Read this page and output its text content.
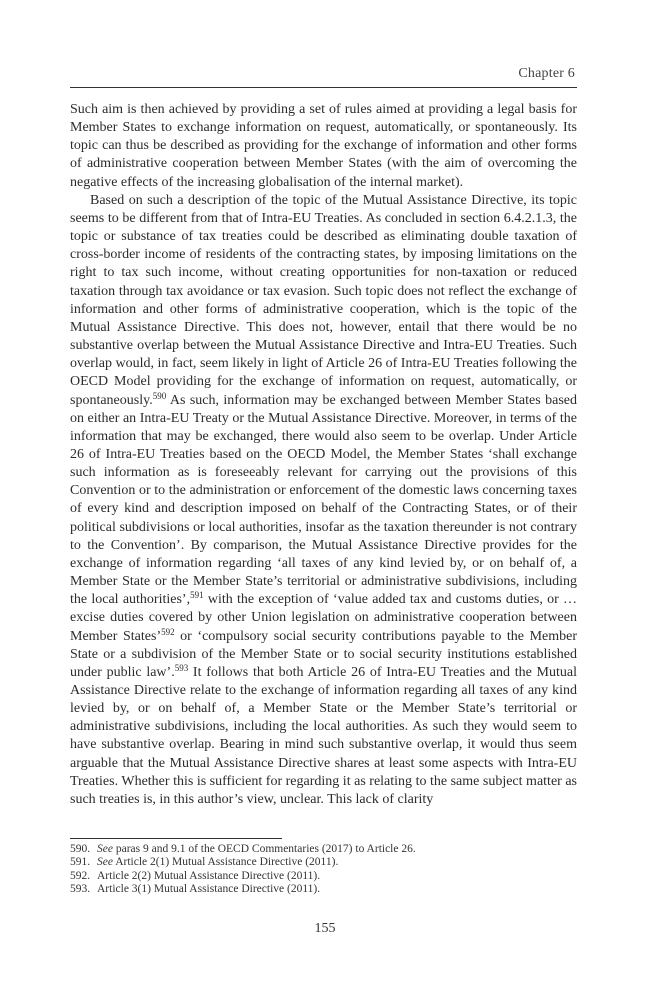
Chapter 6

Such aim is then achieved by providing a set of rules aimed at providing a legal basis for Member States to exchange information on request, automatically, or spontaneously. Its topic can thus be described as providing for the exchange of information and other forms of administrative cooperation between Member States (with the aim of overcoming the negative effects of the increasing globalisation of the internal market).

Based on such a description of the topic of the Mutual Assistance Directive, its topic seems to be different from that of Intra-EU Treaties. As concluded in section 6.4.2.1.3, the topic or substance of tax treaties could be described as eliminating double taxation of cross-border income of residents of the contracting states, by imposing limitations on the right to tax such income, without creating opportunities for non-taxation or reduced taxation through tax avoidance or tax evasion. Such topic does not reflect the exchange of information and other forms of administrative cooperation, which is the topic of the Mutual Assistance Directive. This does not, however, entail that there would be no substantive overlap between the Mutual Assistance Directive and Intra-EU Treaties. Such overlap would, in fact, seem likely in light of Article 26 of Intra-EU Treaties following the OECD Model providing for the exchange of information on request, automatically, or spontaneously.$^{590}$ As such, information may be exchanged between Member States based on either an Intra-EU Treaty or the Mutual Assistance Directive. Moreover, in terms of the information that may be exchanged, there would also seem to be overlap. Under Article 26 of Intra-EU Treaties based on the OECD Model, the Member States ‘shall exchange such information as is foreseeably relevant for carrying out the provisions of this Convention or to the administration or enforcement of the domestic laws concerning taxes of every kind and description imposed on behalf of the Contracting States, or of their political subdivisions or local authorities, insofar as the taxation thereunder is not contrary to the Convention’. By comparison, the Mutual Assistance Directive provides for the exchange of information regarding ‘all taxes of any kind levied by, or on behalf of, a Member State or the Member State’s territorial or administrative subdivisions, including the local authorities’,$^{591}$ with the exception of ‘value added tax and customs duties, or … excise duties covered by other Union legislation on administrative cooperation between Member States’$^{592}$ or ‘compulsory social security contributions payable to the Member State or a subdivision of the Member State or to social security institutions established under public law’.$^{593}$ It follows that both Article 26 of Intra-EU Treaties and the Mutual Assistance Directive relate to the exchange of information regarding all taxes of any kind levied by, or on behalf of, a Member State or the Member State’s territorial or administrative subdivisions, including the local authorities. As such they would seem to have substantive overlap. Bearing in mind such substantive overlap, it would thus seem arguable that the Mutual Assistance Directive shares at least some aspects with Intra-EU Treaties. Whether this is sufficient for regarding it as relating to the same subject matter as such treaties is, in this author’s view, unclear. This lack of clarity

590. See paras 9 and 9.1 of the OECD Commentaries (2017) to Article 26.
591. See Article 2(1) Mutual Assistance Directive (2011).
592. Article 2(2) Mutual Assistance Directive (2011).
593. Article 3(1) Mutual Assistance Directive (2011).
155
